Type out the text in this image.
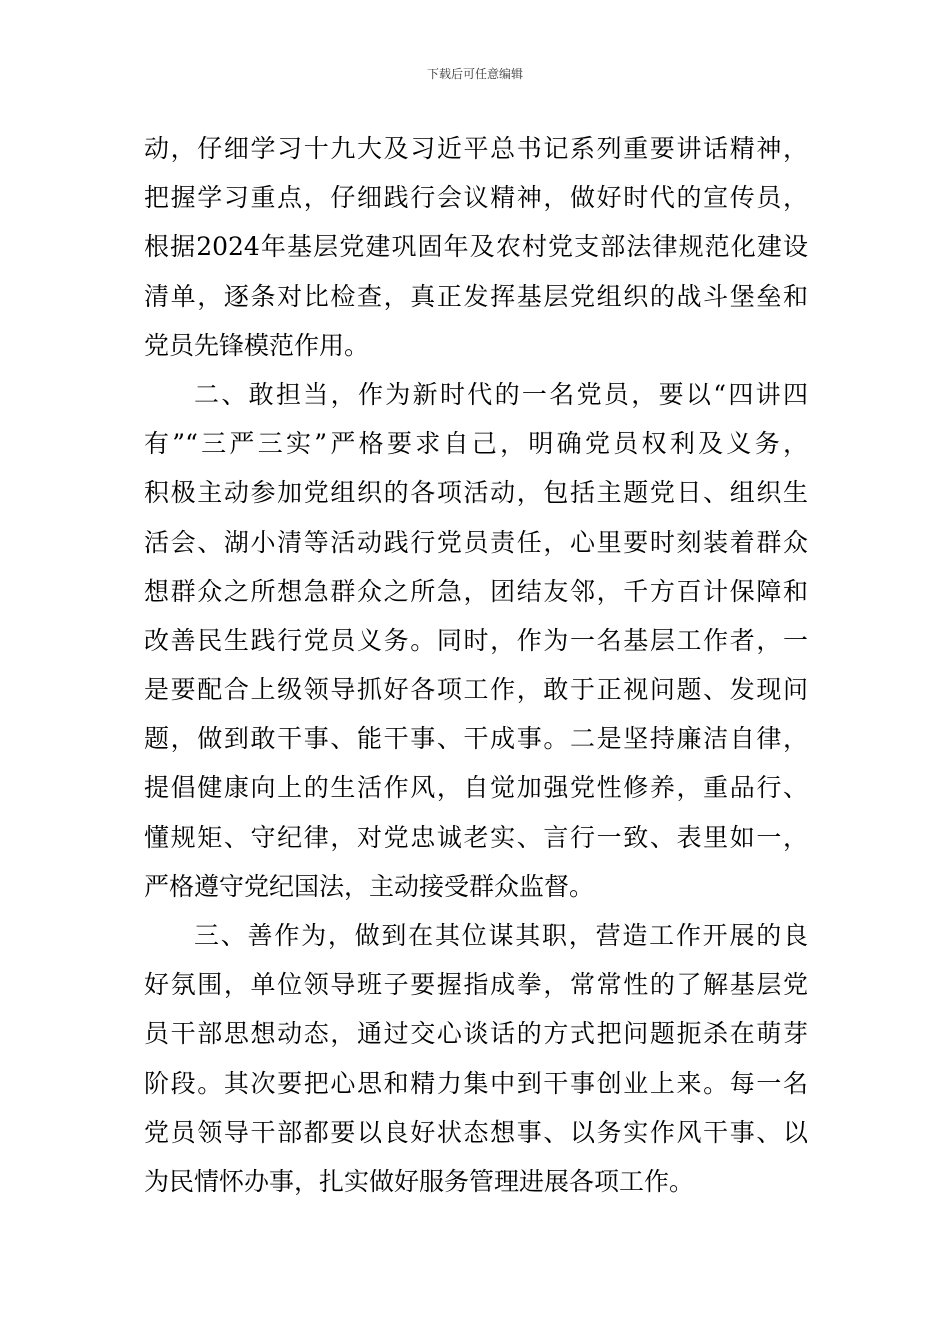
下载后可任意编辑
动，仔细学习十九大及习近平总书记系列重要讲话精神，
把握学习重点，仔细践行会议精神，做好时代的宣传员，
根据2024年基层党建巩固年及农村党支部法律规范化建设
清单，逐条对比检查，真正发挥基层党组织的战斗堡垒和
党员先锋模范作用。
二、敢担当，作为新时代的一名党员，要以“四讲四
有”“三严三实”严格要求自己，明确党员权利及义务，
积极主动参加党组织的各项活动，包括主题党日、组织生
活会、湖小清等活动践行党员责任，心里要时刻装着群众
想群众之所想急群众之所急，团结友邻，千方百计保障和
改善民生践行党员义务。同时，作为一名基层工作者，一
是要配合上级领导抓好各项工作，敢于正视问题、发现问
题，做到敢干事、能干事、干成事。二是坚持廉洁自律，
提倡健康向上的生活作风，自觉加强党性修养，重品行、
懂规矩、守纪律，对党忠诚老实、言行一致、表里如一，
严格遵守党纪国法，主动接受群众监督。
三、善作为，做到在其位谋其职，营造工作开展的良
好氛围，单位领导班子要握指成拳，常常性的了解基层党
员干部思想动态，通过交心谈话的方式把问题扼杀在萌芽
阶段。其次要把心思和精力集中到干事创业上来。每一名
党员领导干部都要以良好状态想事、以务实作风干事、以
为民情怀办事，扎实做好服务管理进展各项工作。
